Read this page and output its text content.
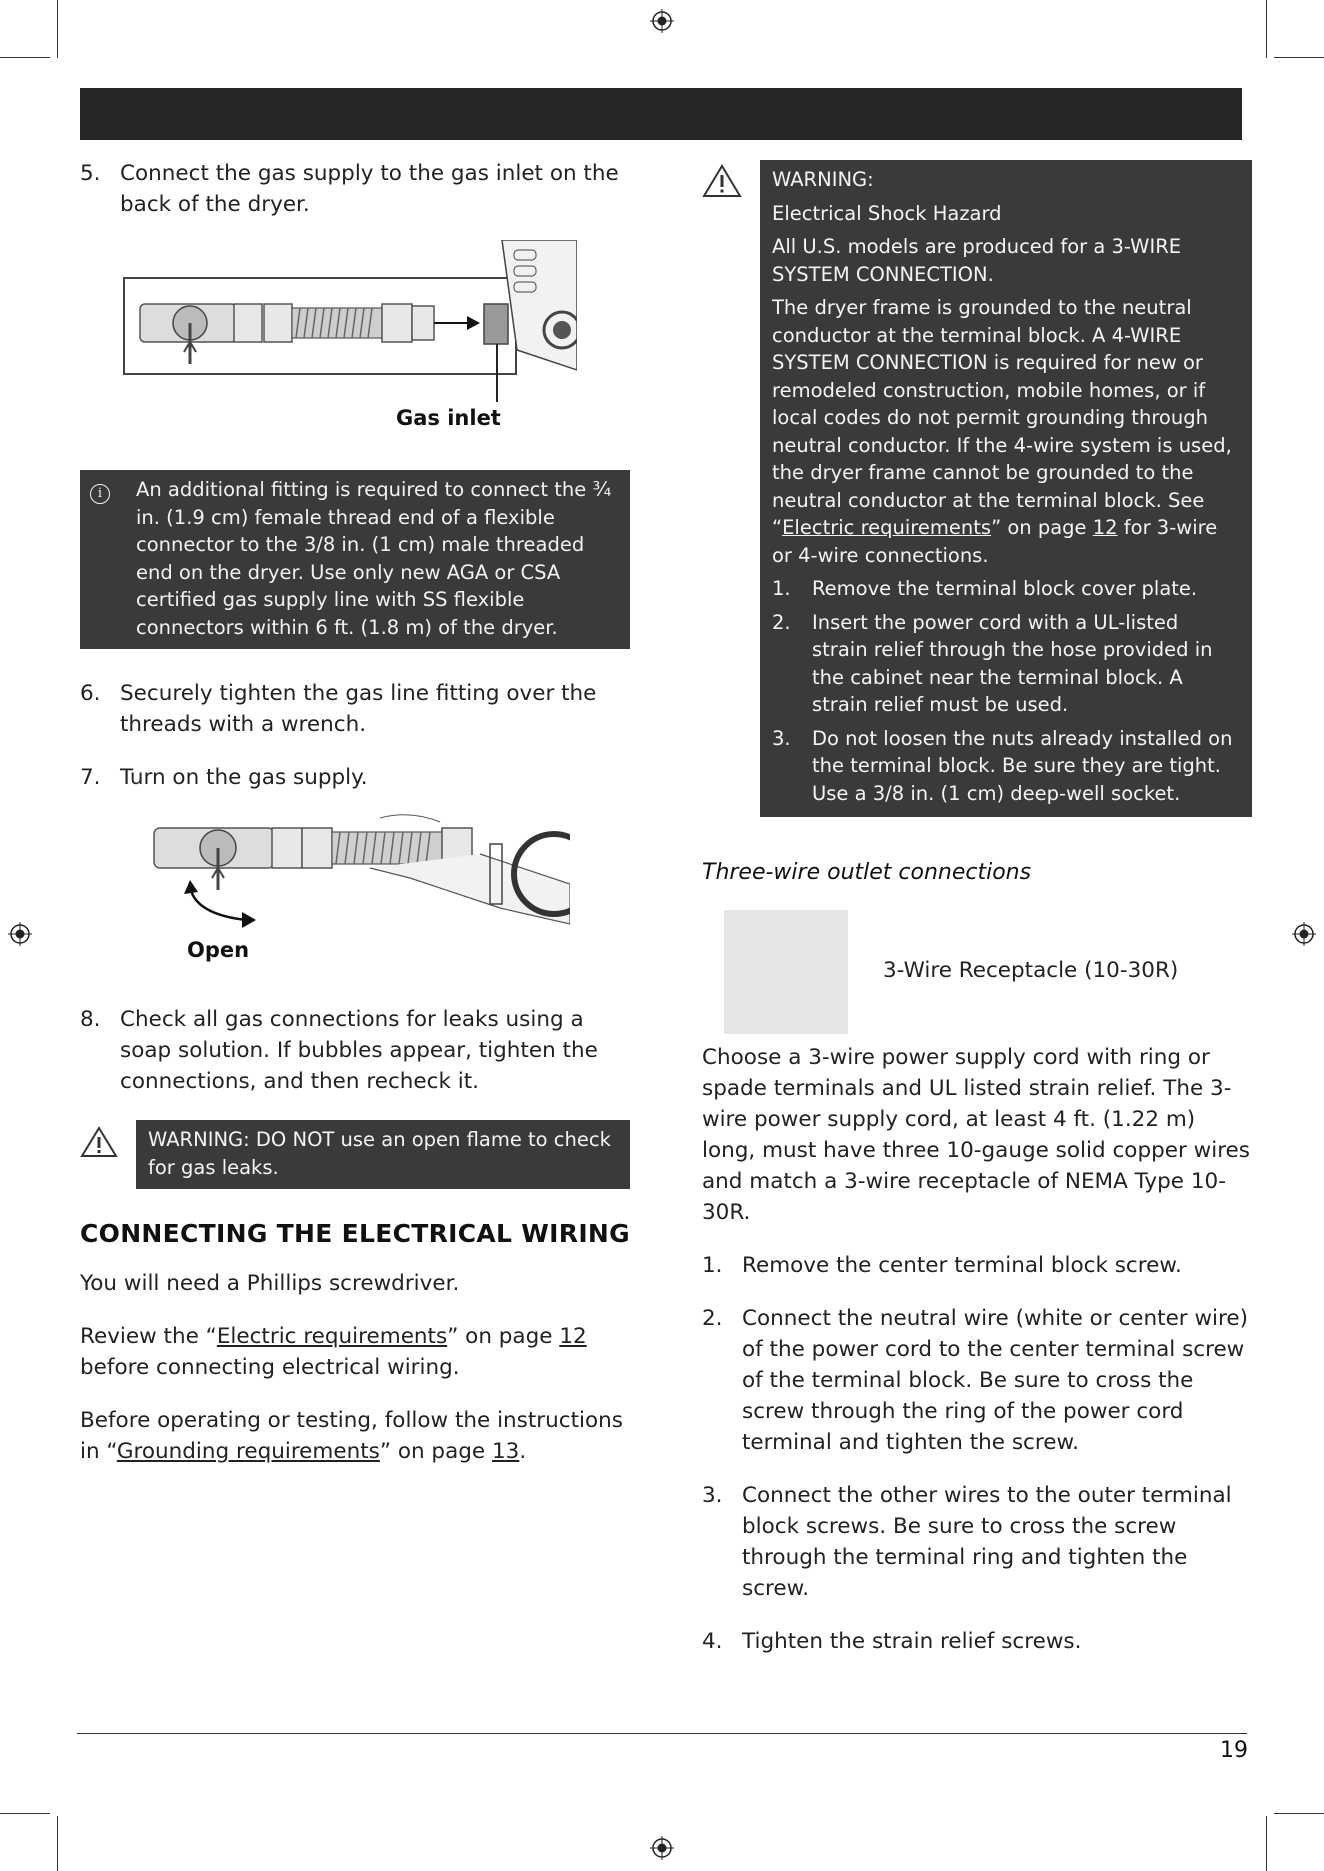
5. Connect the gas supply to the gas inlet on the back of the dryer.
Gas inlet
i	An additional fitting is required to connect the ¾ in. (1.9 cm) female thread end of a flexible connector to the 3/8 in. (1 cm) male threaded end on the dryer. Use only new AGA or CSA certified gas supply line with SS flexible connectors within 6 ft. (1.8 m) of the dryer.
6. Securely tighten the gas line fitting over the threads with a wrench.
7. Turn on the gas supply.
Open
8. Check all gas connections for leaks using a soap solution. If bubbles appear, tighten the connections, and then recheck it.
WARNING: DO NOT use an open flame to check for gas leaks.
CONNECTING THE ELECTRICAL WIRING

You will need a Phillips screwdriver.

Review the “Electric requirements” on page 12 before connecting electrical wiring.

Before operating or testing, follow the instructions in “Grounding requirements” on page 13.

WARNING:
Electrical Shock Hazard
All U.S. models are produced for a 3-WIRE SYSTEM CONNECTION.
The dryer frame is grounded to the neutral conductor at the terminal block. A 4-WIRE SYSTEM CONNECTION is required for new or remodeled construction, mobile homes, or if local codes do not permit grounding through neutral conductor. If the 4-wire system is used, the dryer frame cannot be grounded to the neutral conductor at the terminal block. See
“Electric requirements” on page 12 for 3-wire or 4-wire connections.
1.	Remove the terminal block cover plate.
2.	Insert the power cord with a UL-listed strain relief through the hose provided in the cabinet near the terminal block. A strain relief must be used.
3.	Do not loosen the nuts already installed on the terminal block. Be sure they are tight. Use a 3/8 in. (1 cm) deep-well socket.
Three-wire outlet connections
3-Wire Receptacle (10-30R)

Choose a 3-wire power supply cord with ring or spade terminals and UL listed strain relief. The 3-wire power supply cord, at least 4 ft. (1.22 m) long, must have three 10-gauge solid copper wires and match a 3-wire receptacle of NEMA Type 10-30R.

1. Remove the center terminal block screw.
2. Connect the neutral wire (white or center wire) of the power cord to the center terminal screw of the terminal block. Be sure to cross the screw through the ring of the power cord terminal and tighten the screw.
3. Connect the other wires to the outer terminal block screws. Be sure to cross the screw through the terminal ring and tighten the screw.
4. Tighten the strain relief screws.
19
